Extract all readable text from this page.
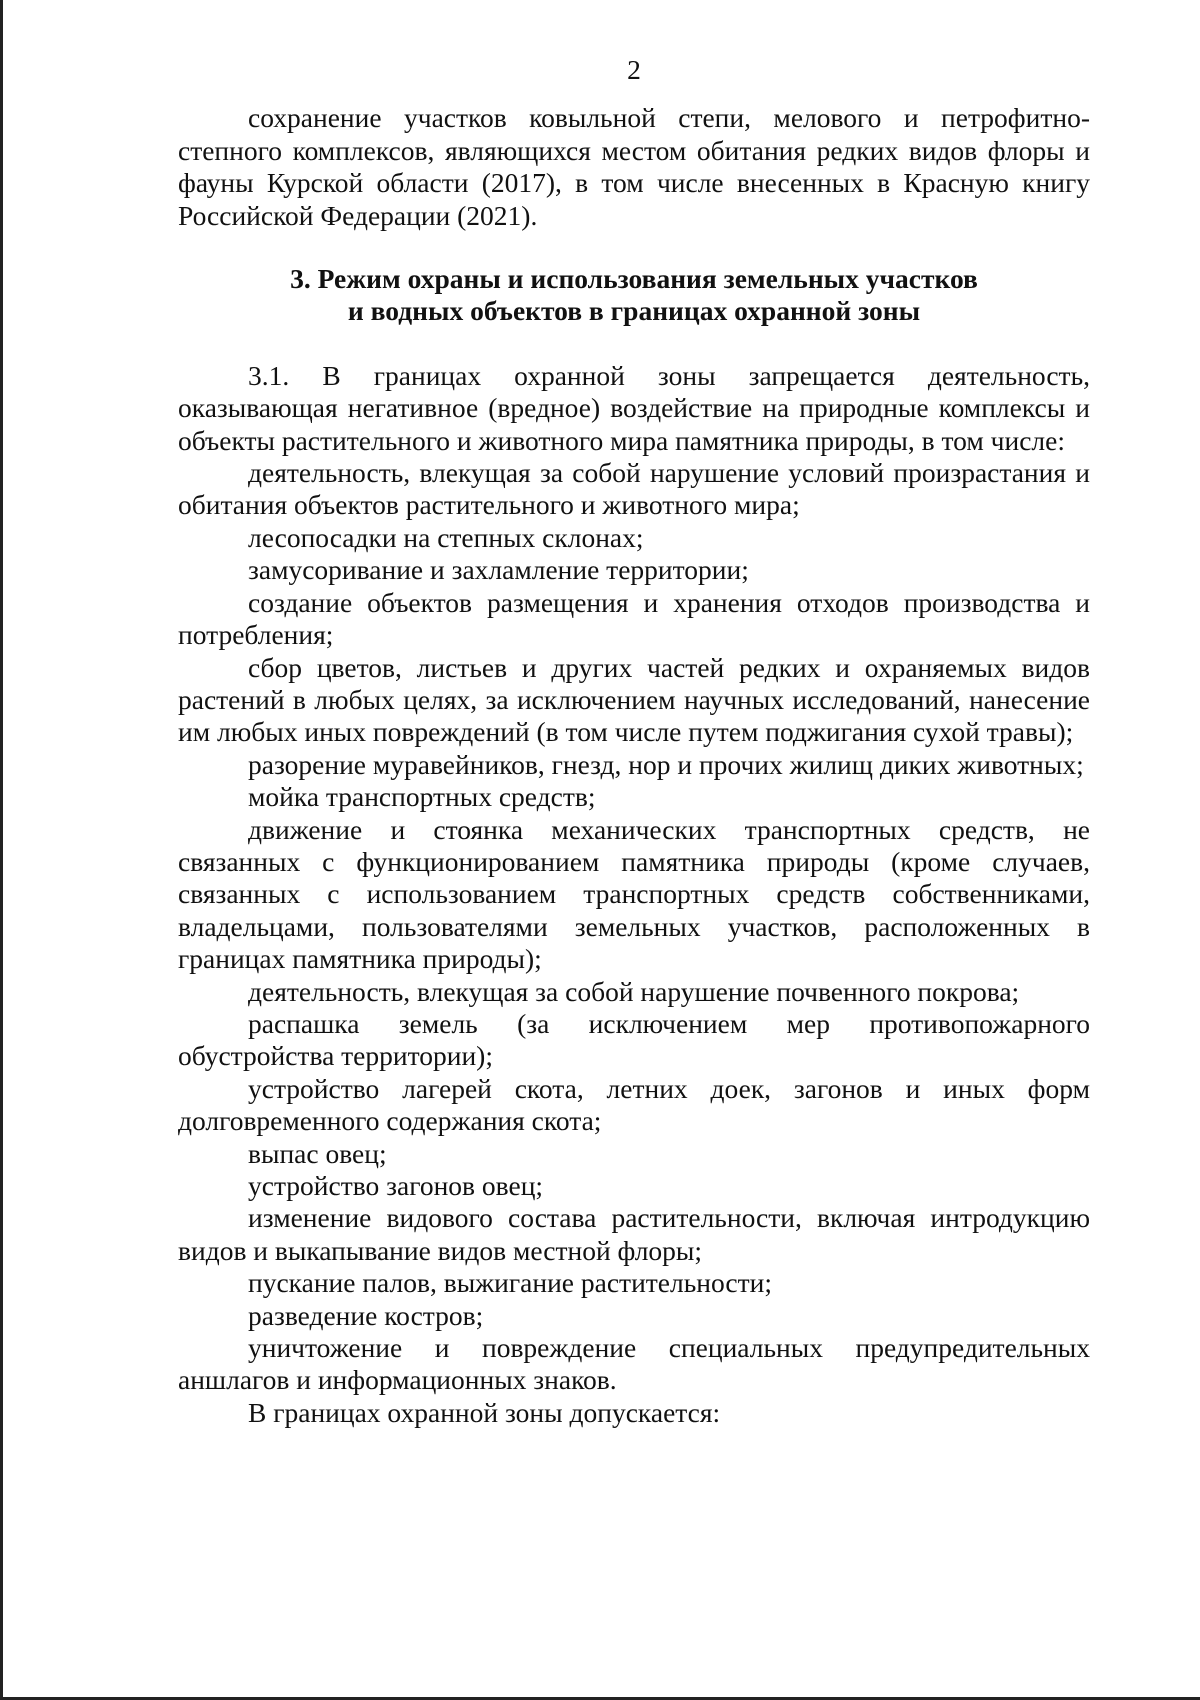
2

сохранение участков ковыльной степи, мелового и петрофитно-степного комплексов, являющихся местом обитания редких видов флоры и фауны Курской области (2017), в том числе внесенных в Красную книгу Российской Федерации (2021).

3. Режим охраны и использования земельных участков
и водных объектов в границах охранной зоны

3.1. В границах охранной зоны запрещается деятельность, оказывающая негативное (вредное) воздействие на природные комплексы и объекты растительного и животного мира памятника природы, в том числе:

деятельность, влекущая за собой нарушение условий произрастания и обитания объектов растительного и животного мира;

лесопосадки на степных склонах;

замусоривание и захламление территории;

создание объектов размещения и хранения отходов производства и потребления;

сбор цветов, листьев и других частей редких и охраняемых видов растений в любых целях, за исключением научных исследований, нанесение им любых иных повреждений (в том числе путем поджигания сухой травы);

разорение муравейников, гнезд, нор и прочих жилищ диких животных;

мойка транспортных средств;

движение и стоянка механических транспортных средств, не связанных с функционированием памятника природы (кроме случаев, связанных с использованием транспортных средств собственниками, владельцами, пользователями земельных участков, расположенных в границах памятника природы);

деятельность, влекущая за собой нарушение почвенного покрова;

распашка земель (за исключением мер противопожарного обустройства территории);

устройство лагерей скота, летних доек, загонов и иных форм долговременного содержания скота;

выпас овец;

устройство загонов овец;

изменение видового состава растительности, включая интродукцию видов и выкапывание видов местной флоры;

пускание палов, выжигание растительности;

разведение костров;

уничтожение и повреждение специальных предупредительных аншлагов и информационных знаков.

В границах охранной зоны допускается:
